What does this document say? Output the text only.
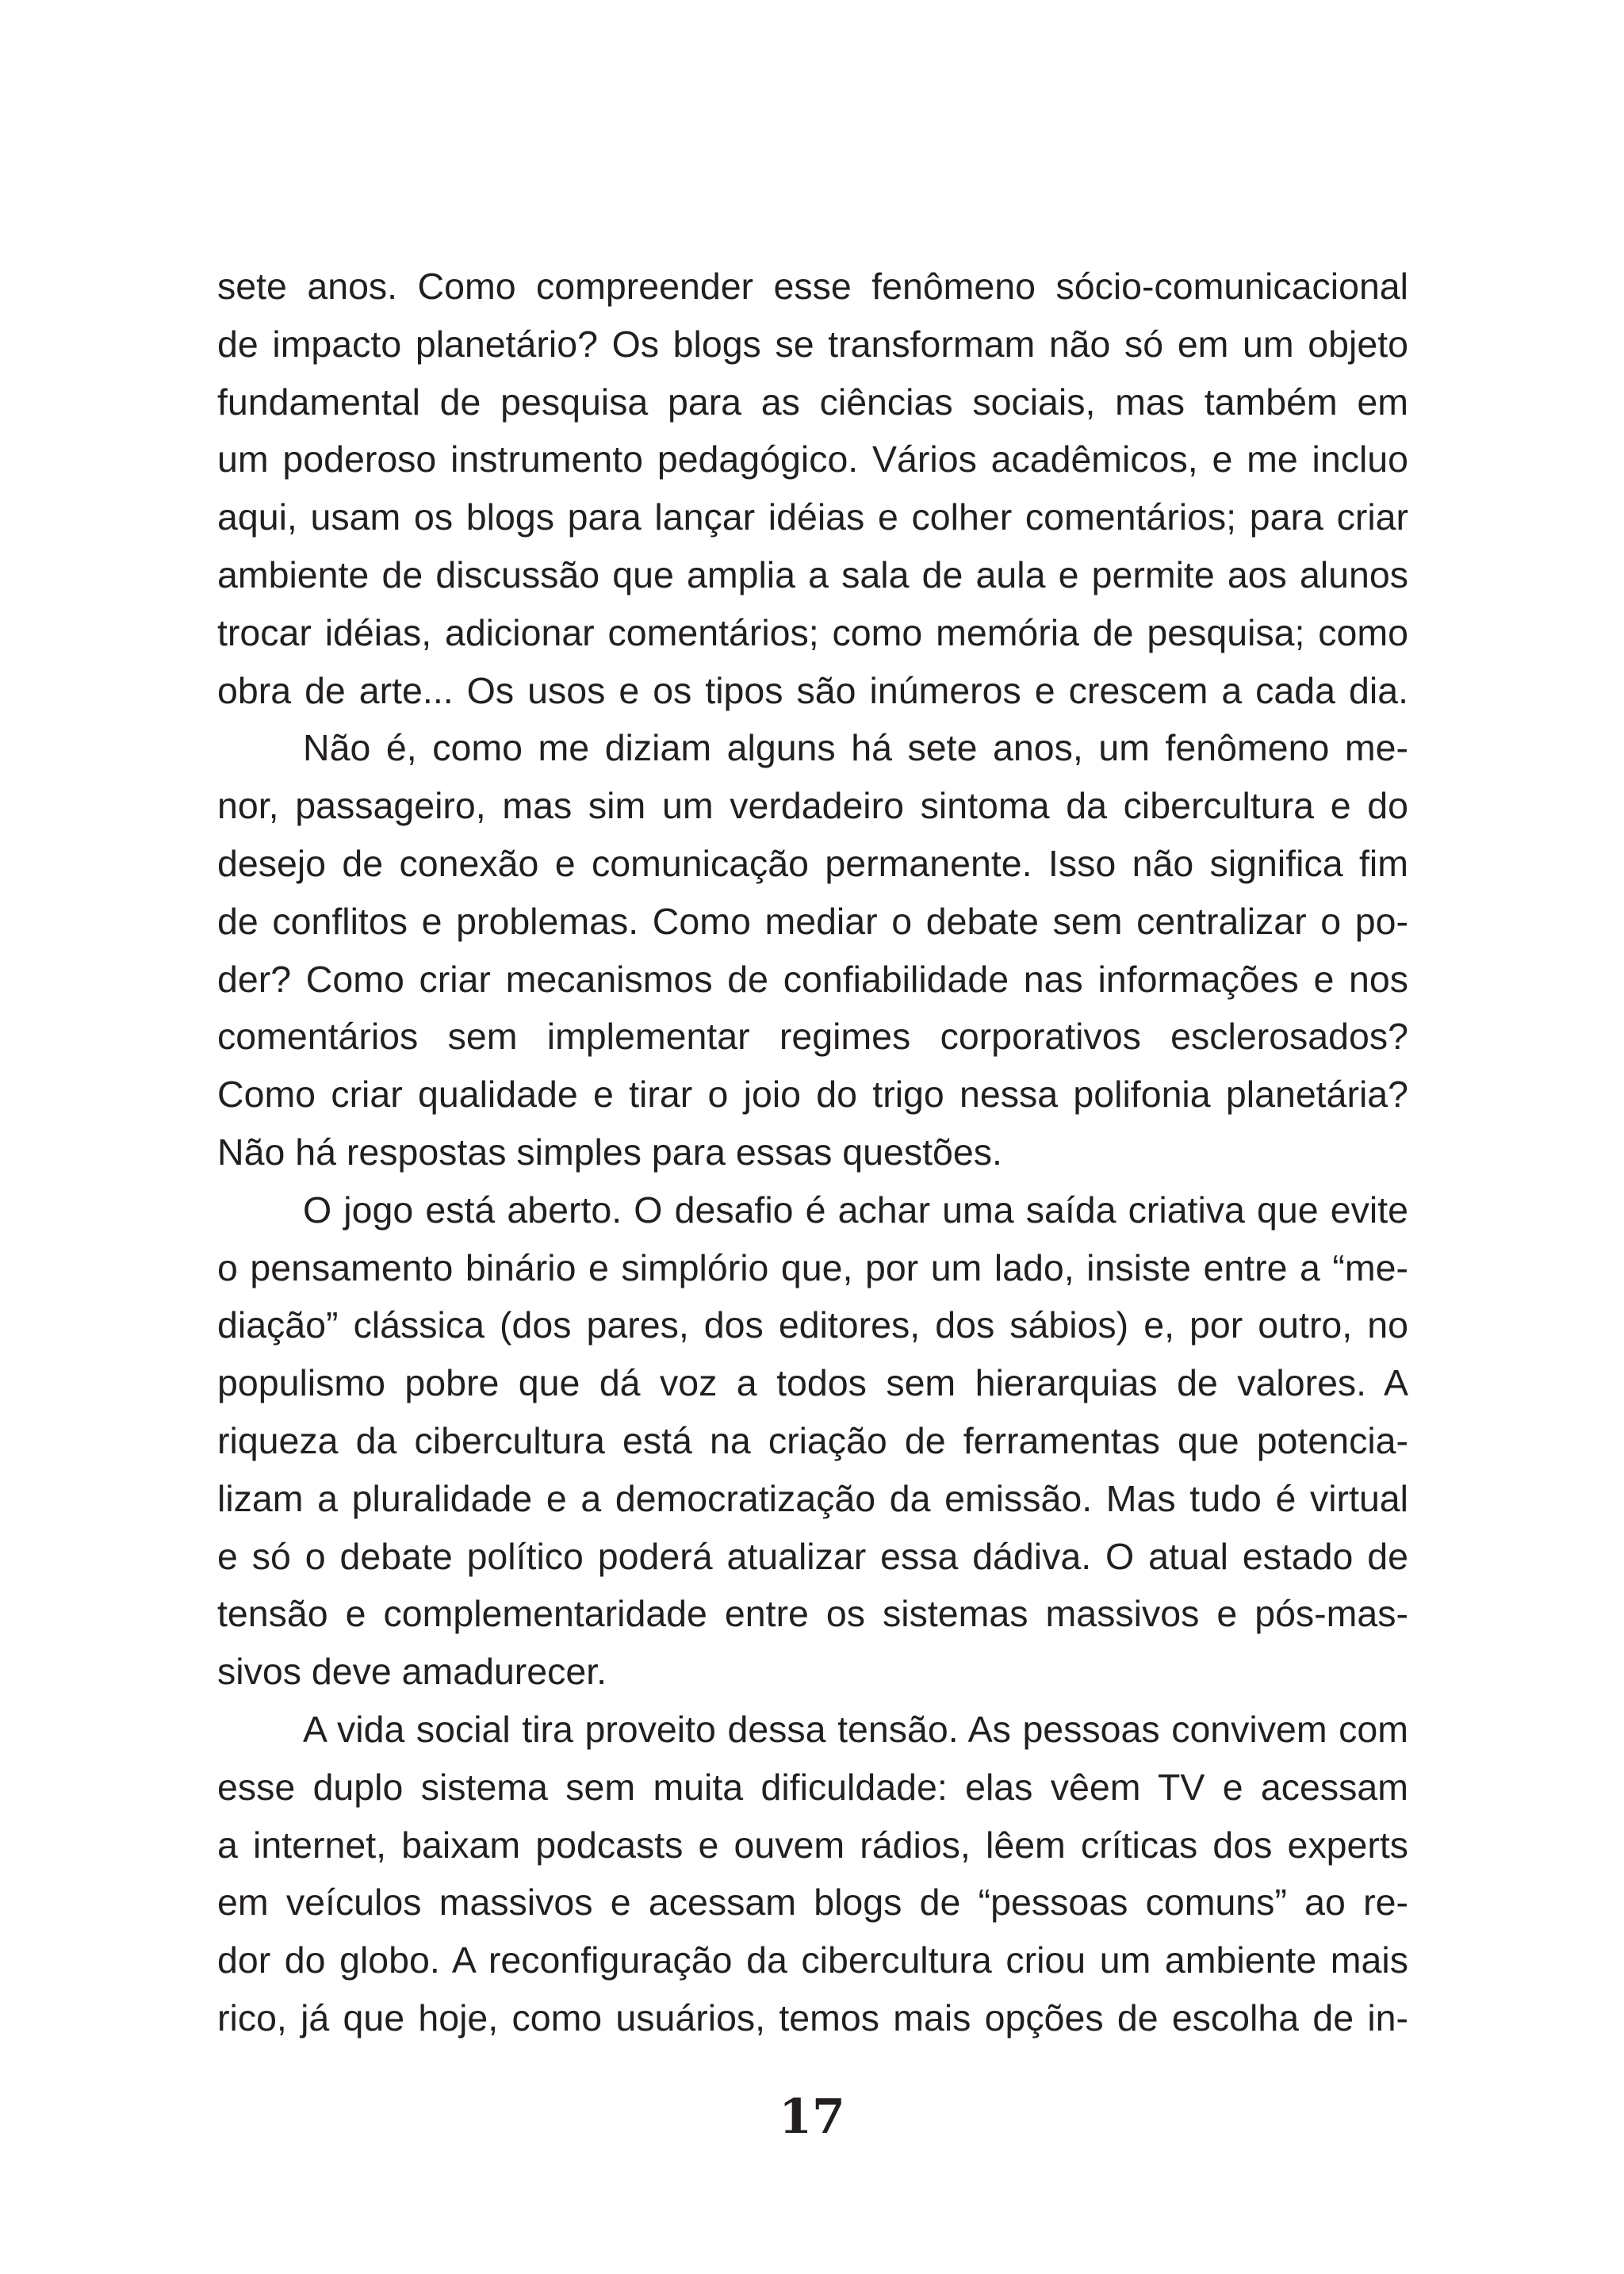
sete anos. Como compreender esse fenômeno sócio-comunicacional
de impacto planetário? Os blogs se transformam não só em um objeto
fundamental de pesquisa para as ciências sociais, mas também em
um poderoso instrumento pedagógico. Vários acadêmicos, e me incluo
aqui, usam os blogs para lançar idéias e colher comentários; para criar
ambiente de discussão que amplia a sala de aula e permite aos alunos
trocar idéias, adicionar comentários; como memória de pesquisa; como
obra de arte... Os usos e os tipos são inúmeros e crescem a cada dia.
Não é, como me diziam alguns há sete anos, um fenômeno me-
nor, passageiro, mas sim um verdadeiro sintoma da cibercultura e do
desejo de conexão e comunicação permanente. Isso não significa fim
de conflitos e problemas. Como mediar o debate sem centralizar o po-
der? Como criar mecanismos de confiabilidade nas informações e nos
comentários sem implementar regimes corporativos esclerosados?
Como criar qualidade e tirar o joio do trigo nessa polifonia planetária?
Não há respostas simples para essas questões.
O jogo está aberto. O desafio é achar uma saída criativa que evite
o pensamento binário e simplório que, por um lado, insiste entre a “me-
diação” clássica (dos pares, dos editores, dos sábios) e, por outro, no
populismo pobre que dá voz a todos sem hierarquias de valores. A
riqueza da cibercultura está na criação de ferramentas que potencia-
lizam a pluralidade e a democratização da emissão. Mas tudo é virtual
e só o debate político poderá atualizar essa dádiva. O atual estado de
tensão e complementaridade entre os sistemas massivos e pós-mas-
sivos deve amadurecer.
A vida social tira proveito dessa tensão. As pessoas convivem com
esse duplo sistema sem muita dificuldade: elas vêem TV e acessam
a internet, baixam podcasts e ouvem rádios, lêem críticas dos experts
em veículos massivos e acessam blogs de “pessoas comuns” ao re-
dor do globo. A reconfiguração da cibercultura criou um ambiente mais
rico, já que hoje, como usuários, temos mais opções de escolha de in-
17
